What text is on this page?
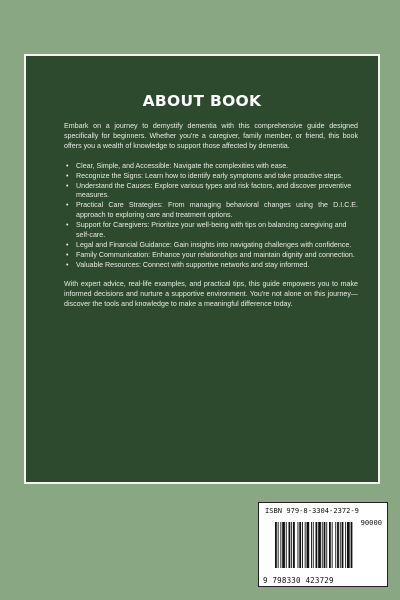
ABOUT BOOK

Embark on a journey to demystify dementia with this comprehensive guide designed specifically for beginners. Whether you're a caregiver, family member, or friend, this book offers you a wealth of knowledge to support those affected by dementia.

• Clear, Simple, and Accessible: Navigate the complexities with ease.
• Recognize the Signs: Learn how to identify early symptoms and take proactive steps.
• Understand the Causes: Explore various types and risk factors, and discover preventive measures.
• Practical Care Strategies: From managing behavioral changes using the D.I.C.E. approach to exploring care and treatment options.
• Support for Caregivers: Prioritize your well-being with tips on balancing caregiving and self-care.
• Legal and Financial Guidance: Gain insights into navigating challenges with confidence.
• Family Communication: Enhance your relationships and maintain dignity and connection.
• Valuable Resources: Connect with supportive networks and stay informed.

With expert advice, real-life examples, and practical tips, this guide empowers you to make informed decisions and nurture a supportive environment. You're not alone on this journey—discover the tools and knowledge to make a meaningful difference today.

ISBN 979-8-3304-2372-9
90000
9 798330 423729
